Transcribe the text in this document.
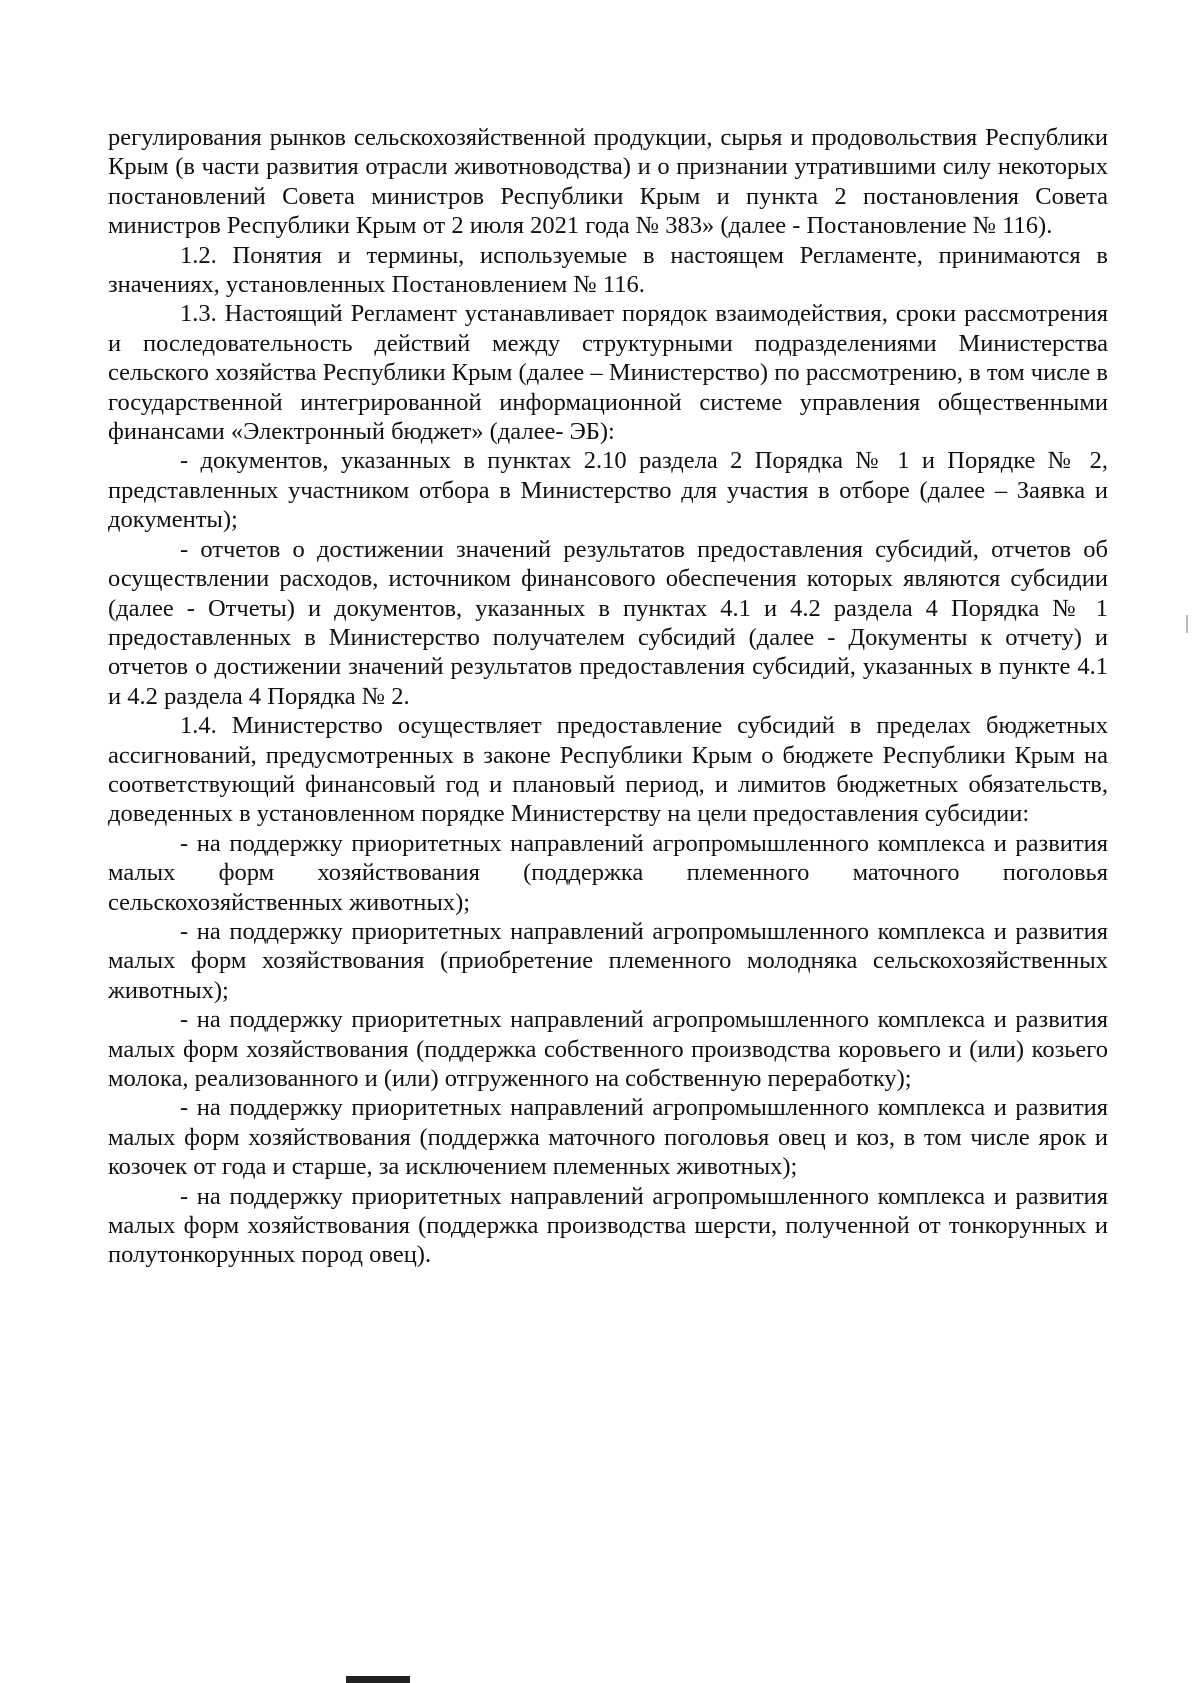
регулирования рынков сельскохозяйственной продукции, сырья и продовольствия Республики Крым (в части развития отрасли животноводства) и о признании утратившими силу некоторых постановлений Совета министров Республики Крым и пункта 2 постановления Совета министров Республики Крым от 2 июля 2021 года № 383» (далее - Постановление № 116).

1.2. Понятия и термины, используемые в настоящем Регламенте, принимаются в значениях, установленных Постановлением № 116.

1.3. Настоящий Регламент устанавливает порядок взаимодействия, сроки рассмотрения и последовательность действий между структурными подразделениями Министерства сельского хозяйства Республики Крым (далее – Министерство) по рассмотрению, в том числе в государственной интегрированной информационной системе управления общественными финансами «Электронный бюджет» (далее- ЭБ):

- документов, указанных в пунктах 2.10 раздела 2 Порядка № 1 и Порядке № 2, представленных участником отбора в Министерство для участия в отборе (далее – Заявка и документы);

- отчетов о достижении значений результатов предоставления субсидий, отчетов об осуществлении расходов, источником финансового обеспечения которых являются субсидии (далее - Отчеты) и документов, указанных в пунктах 4.1 и 4.2 раздела 4 Порядка № 1 предоставленных в Министерство получателем субсидий (далее - Документы к отчету) и отчетов о достижении значений результатов предоставления субсидий, указанных в пункте 4.1 и 4.2 раздела 4 Порядка № 2.

1.4. Министерство осуществляет предоставление субсидий в пределах бюджетных ассигнований, предусмотренных в законе Республики Крым о бюджете Республики Крым на соответствующий финансовый год и плановый период, и лимитов бюджетных обязательств, доведенных в установленном порядке Министерству на цели предоставления субсидии:

- на поддержку приоритетных направлений агропромышленного комплекса и развития малых форм хозяйствования (поддержка племенного маточного поголовья сельскохозяйственных животных);

- на поддержку приоритетных направлений агропромышленного комплекса и развития малых форм хозяйствования (приобретение племенного молодняка сельскохозяйственных животных);

- на поддержку приоритетных направлений агропромышленного комплекса и развития малых форм хозяйствования (поддержка собственного производства коровьего и (или) козьего молока, реализованного и (или) отгруженного на собственную переработку);

- на поддержку приоритетных направлений агропромышленного комплекса и развития малых форм хозяйствования (поддержка маточного поголовья овец и коз, в том числе ярок и козочек от года и старше, за исключением племенных животных);

- на поддержку приоритетных направлений агропромышленного комплекса и развития малых форм хозяйствования (поддержка производства шерсти, полученной от тонкорунных и полутонкорунных пород овец).
